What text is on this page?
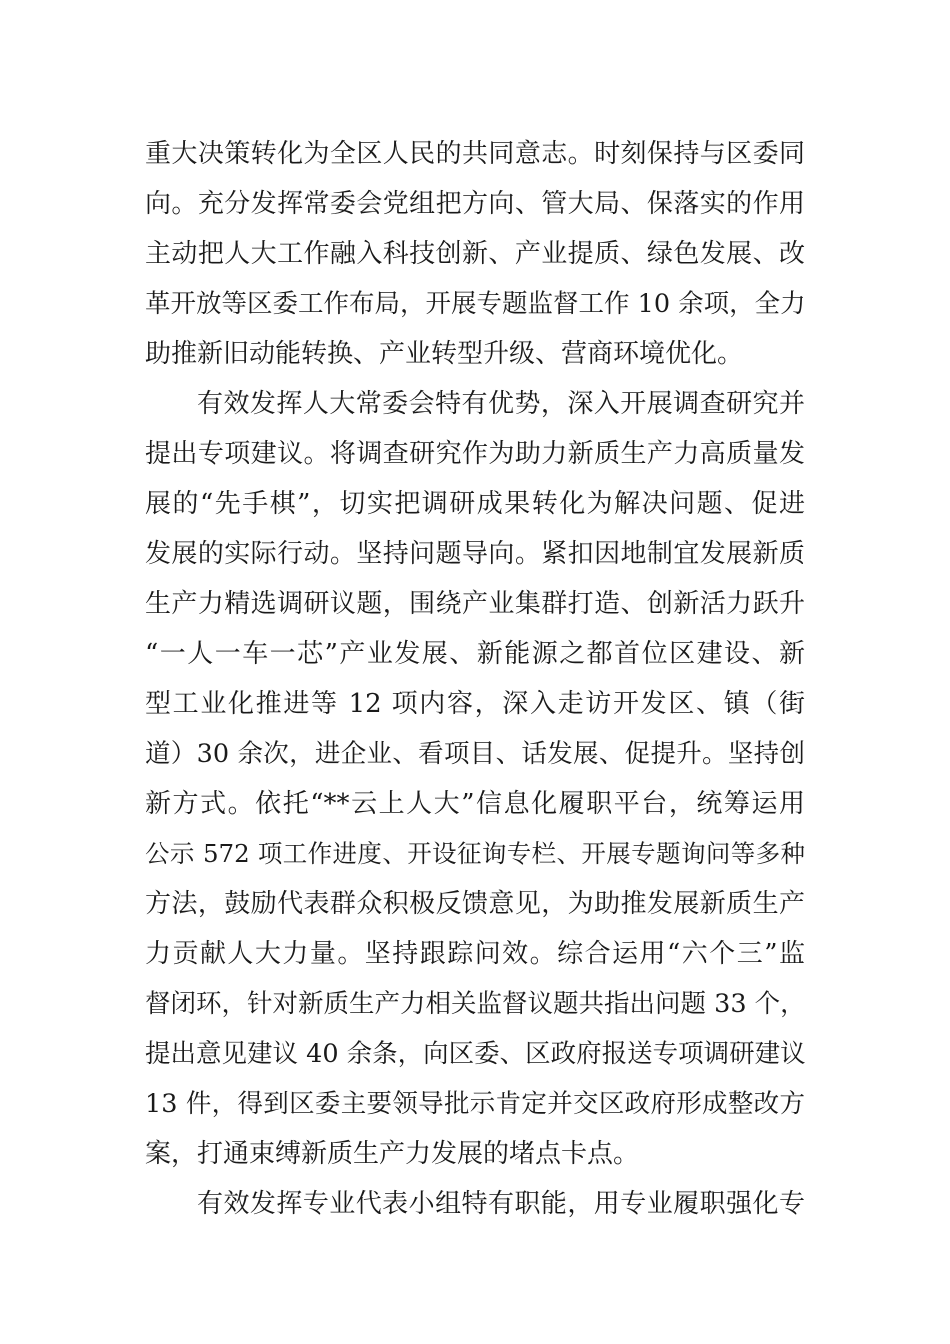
重大决策转化为全区人民的共同意志。时刻保持与区委同
向。充分发挥常委会党组把方向、管大局、保落实的作用
主动把人大工作融入科技创新、产业提质、绿色发展、改
革开放等区委工作布局，开展专题监督工作 10 余项，全力
助推新旧动能转换、产业转型升级、营商环境优化。
有效发挥人大常委会特有优势，深入开展调查研究并
提出专项建议。将调查研究作为助力新质生产力高质量发
展的“先手棋”，切实把调研成果转化为解决问题、促进
发展的实际行动。坚持问题导向。紧扣因地制宜发展新质
生产力精选调研议题，围绕产业集群打造、创新活力跃升
“一人一车一芯”产业发展、新能源之都首位区建设、新
型工业化推进等 12 项内容，深入走访开发区、镇（街
道）30 余次，进企业、看项目、话发展、促提升。坚持创
新方式。依托“**云上人大”信息化履职平台，统筹运用
公示 572 项工作进度、开设征询专栏、开展专题询问等多种
方法，鼓励代表群众积极反馈意见，为助推发展新质生产
力贡献人大力量。坚持跟踪问效。综合运用“六个三”监
督闭环，针对新质生产力相关监督议题共指出问题 33 个，
提出意见建议 40 余条，向区委、区政府报送专项调研建议
13 件，得到区委主要领导批示肯定并交区政府形成整改方
案，打通束缚新质生产力发展的堵点卡点。
有效发挥专业代表小组特有职能，用专业履职强化专
